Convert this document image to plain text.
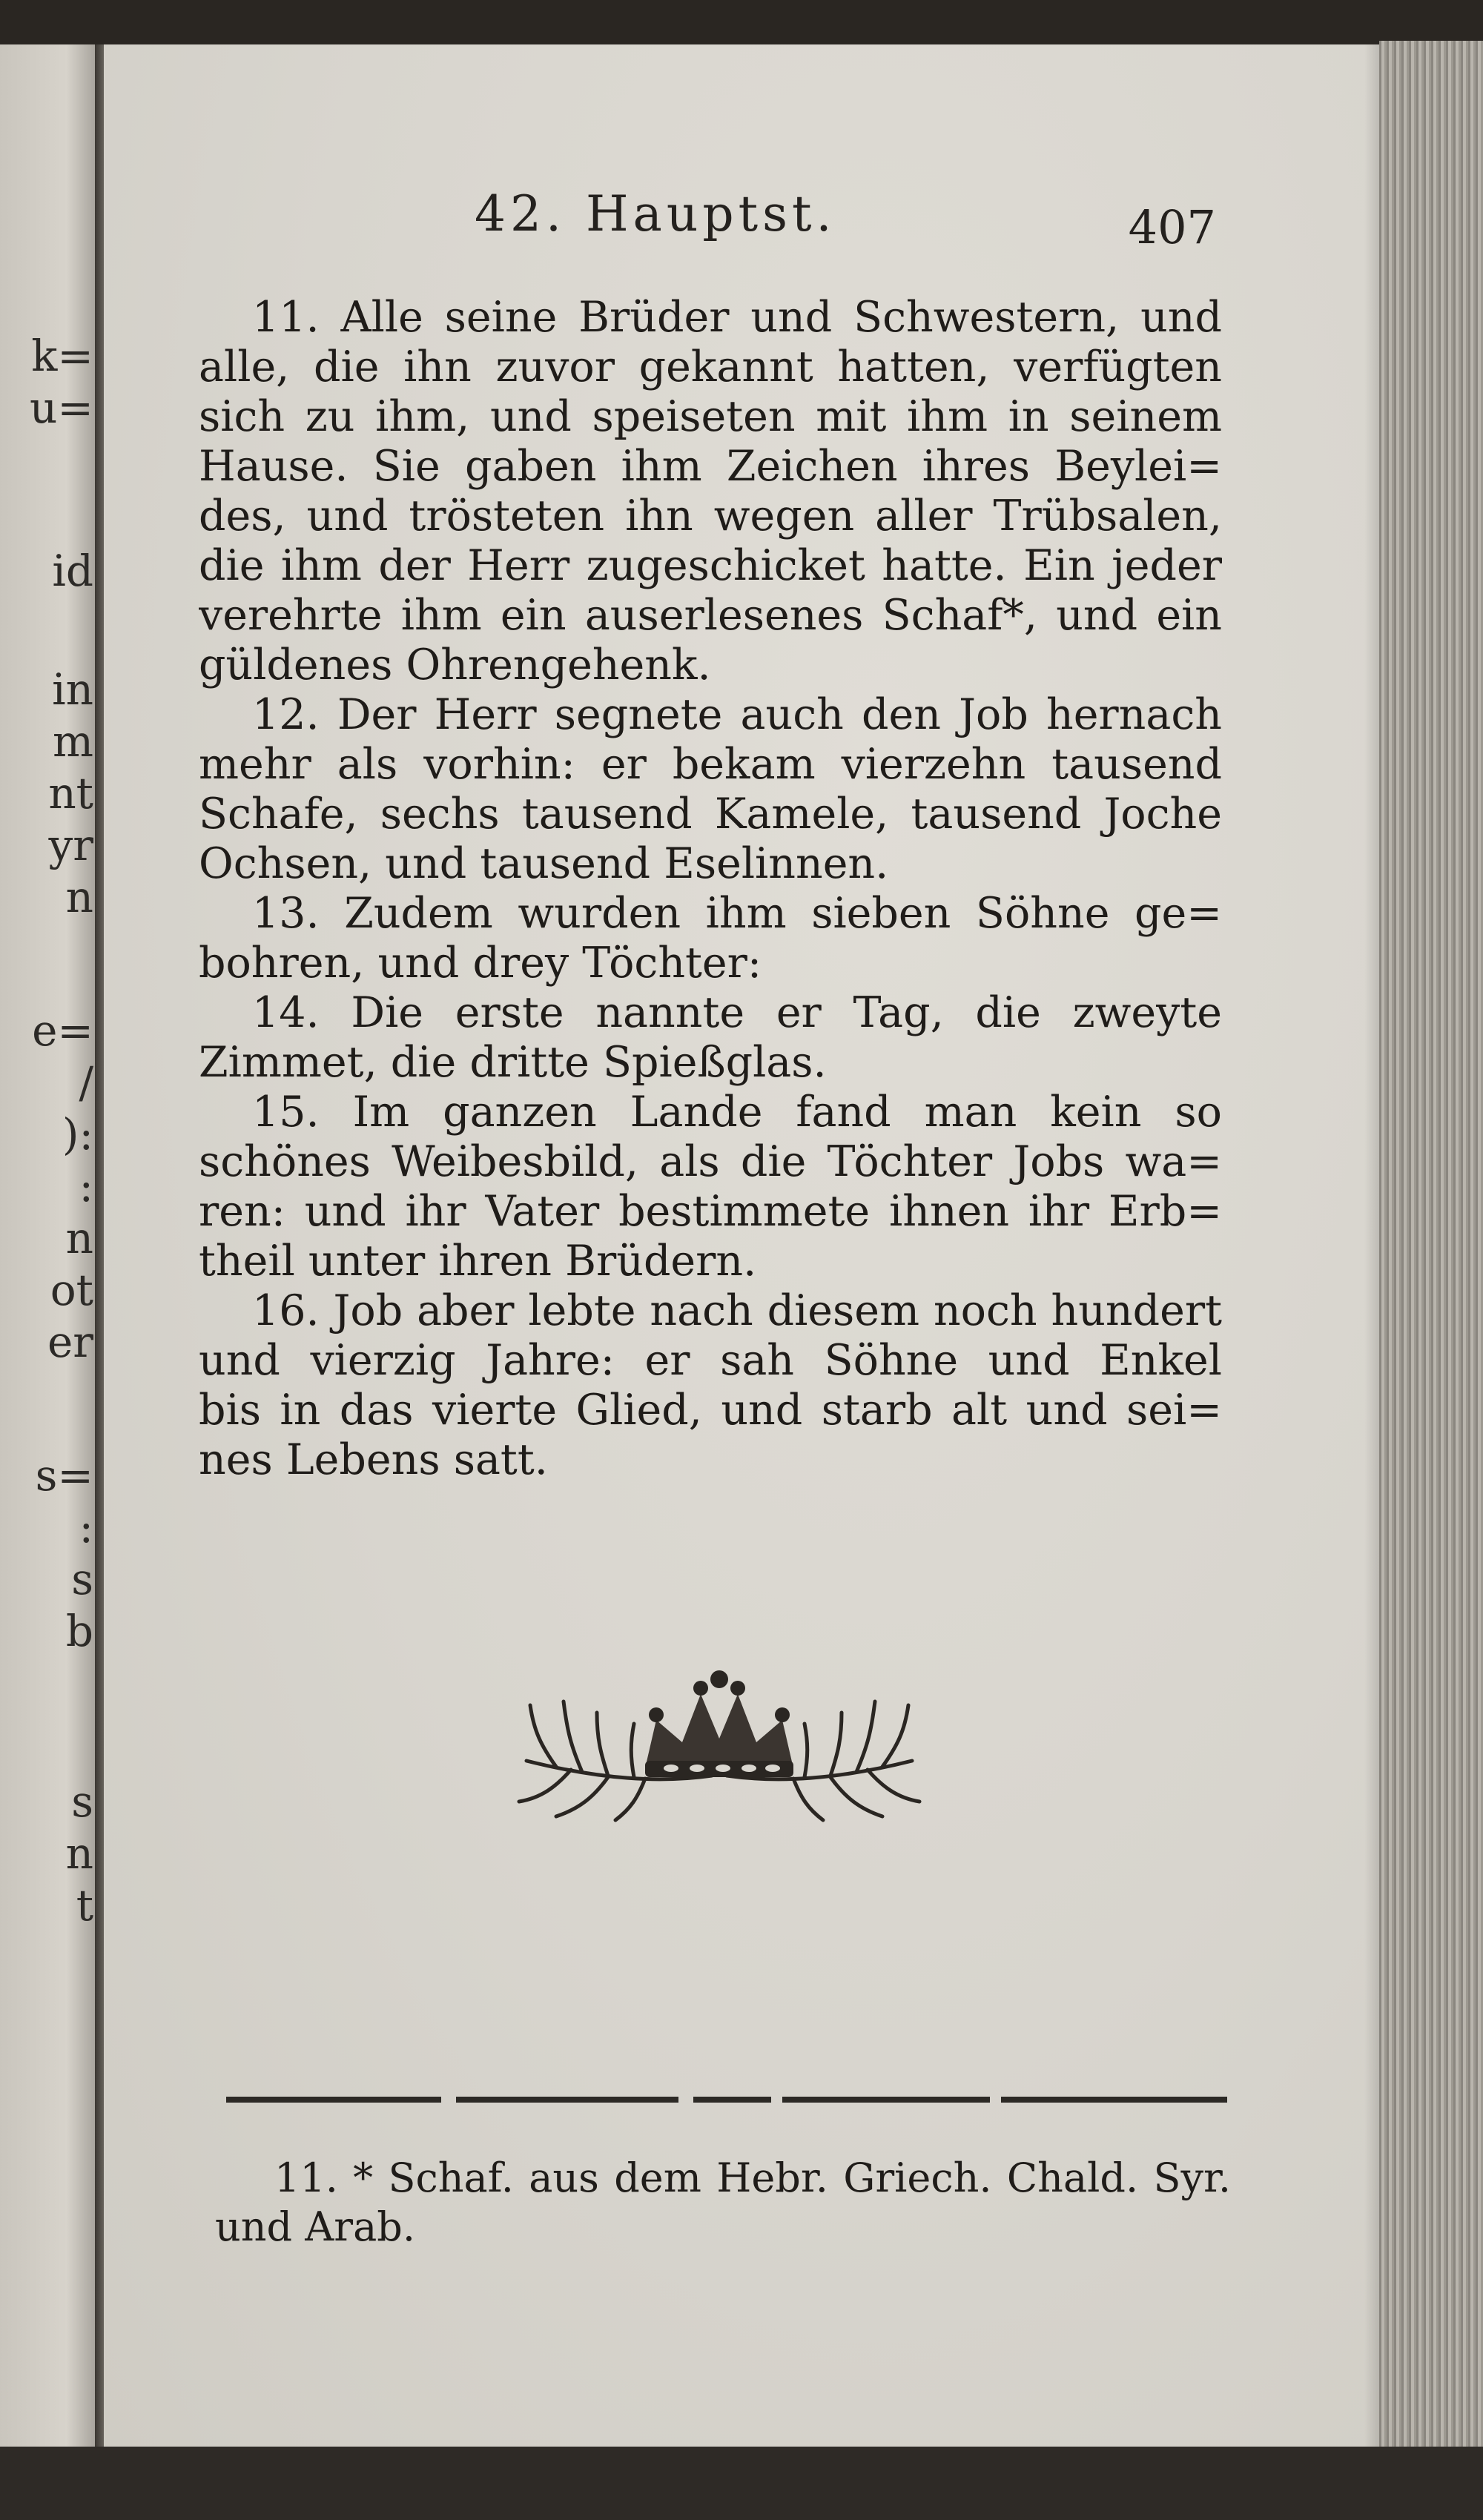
k=
u=
id
in
m
nt
yr
n
e=
/
):
:
n
ot
er
s=
:
s
b
s
n
t
42. Hauptst.	407
11. Alle seine Brüder und Schwestern, und
alle, die ihn zuvor gekannt hatten, verfügten
sich zu ihm, und speiseten mit ihm in seinem
Hause. Sie gaben ihm Zeichen ihres Beylei=
des, und trösteten ihn wegen aller Trübsalen,
die ihm der Herr zugeschicket hatte. Ein jeder
verehrte ihm ein auserlesenes Schaf*, und ein
güldenes Ohrengehenk.
12. Der Herr segnete auch den Job hernach
mehr als vorhin: er bekam vierzehn tausend
Schafe, sechs tausend Kamele, tausend Joche
Ochsen, und tausend Eselinnen.
13. Zudem wurden ihm sieben Söhne ge=
bohren, und drey Töchter:
14. Die erste nannte er Tag, die zweyte
Zimmet, die dritte Spießglas.
15. Im ganzen Lande fand man kein so
schönes Weibesbild, als die Töchter Jobs wa=
ren: und ihr Vater bestimmete ihnen ihr Erb=
theil unter ihren Brüdern.
16. Job aber lebte nach diesem noch hundert
und vierzig Jahre: er sah Söhne und Enkel
bis in das vierte Glied, und starb alt und sei=
nes Lebens satt.
11. * Schaf. aus dem Hebr. Griech. Chald. Syr.
und Arab.
